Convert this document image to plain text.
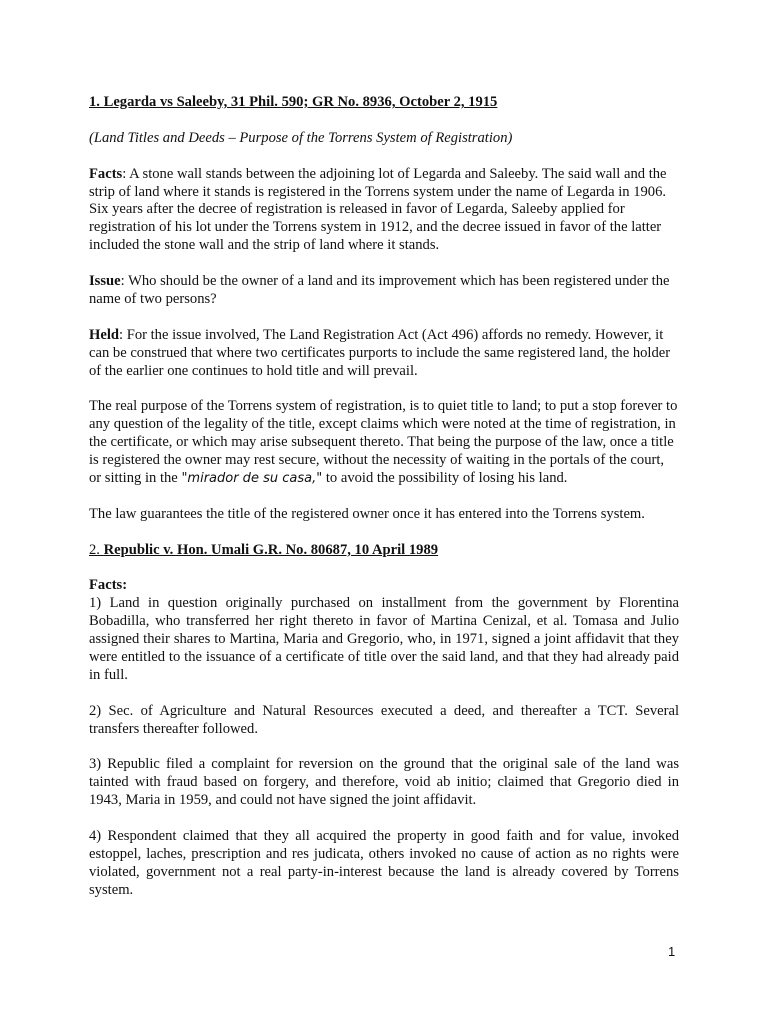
1. Legarda vs Saleeby, 31 Phil. 590; GR No. 8936, October 2, 1915

(Land Titles and Deeds – Purpose of the Torrens System of Registration)

Facts: A stone wall stands between the adjoining lot of Legarda and Saleeby. The said wall and the strip of land where it stands is registered in the Torrens system under the name of Legarda in 1906. Six years after the decree of registration is released in favor of Legarda, Saleeby applied for registration of his lot under the Torrens system in 1912, and the decree issued in favor of the latter included the stone wall and the strip of land where it stands.

Issue: Who should be the owner of a land and its improvement which has been registered under the name of two persons?

Held: For the issue involved, The Land Registration Act (Act 496) affords no remedy. However, it can be construed that where two certificates purports to include the same registered land, the holder of the earlier one continues to hold title and will prevail.

The real purpose of the Torrens system of registration, is to quiet title to land; to put a stop forever to any question of the legality of the title, except claims which were noted at the time of registration, in the certificate, or which may arise subsequent thereto. That being the purpose of the law, once a title is registered the owner may rest secure, without the necessity of waiting in the portals of the court, or sitting in the "mirador de su casa," to avoid the possibility of losing his land.

The law guarantees the title of the registered owner once it has entered into the Torrens system.

2. Republic v. Hon. Umali G.R. No. 80687, 10 April 1989

Facts:

1) Land in question originally purchased on installment from the government by Florentina Bobadilla, who transferred her right thereto in favor of Martina Cenizal, et al. Tomasa and Julio assigned their shares to Martina, Maria and Gregorio, who, in 1971, signed a joint affidavit that they were entitled to the issuance of a certificate of title over the said land, and that they had already paid in full.

2) Sec. of Agriculture and Natural Resources executed a deed, and thereafter a TCT. Several transfers thereafter followed.

3) Republic filed a complaint for reversion on the ground that the original sale of the land was tainted with fraud based on forgery, and therefore, void ab initio; claimed that Gregorio died in 1943, Maria in 1959, and could not have signed the joint affidavit.

4) Respondent claimed that they all acquired the property in good faith and for value, invoked estoppel, laches, prescription and res judicata, others invoked no cause of action as no rights were violated, government not a real party-in-interest because the land is already covered by Torrens system.

1
